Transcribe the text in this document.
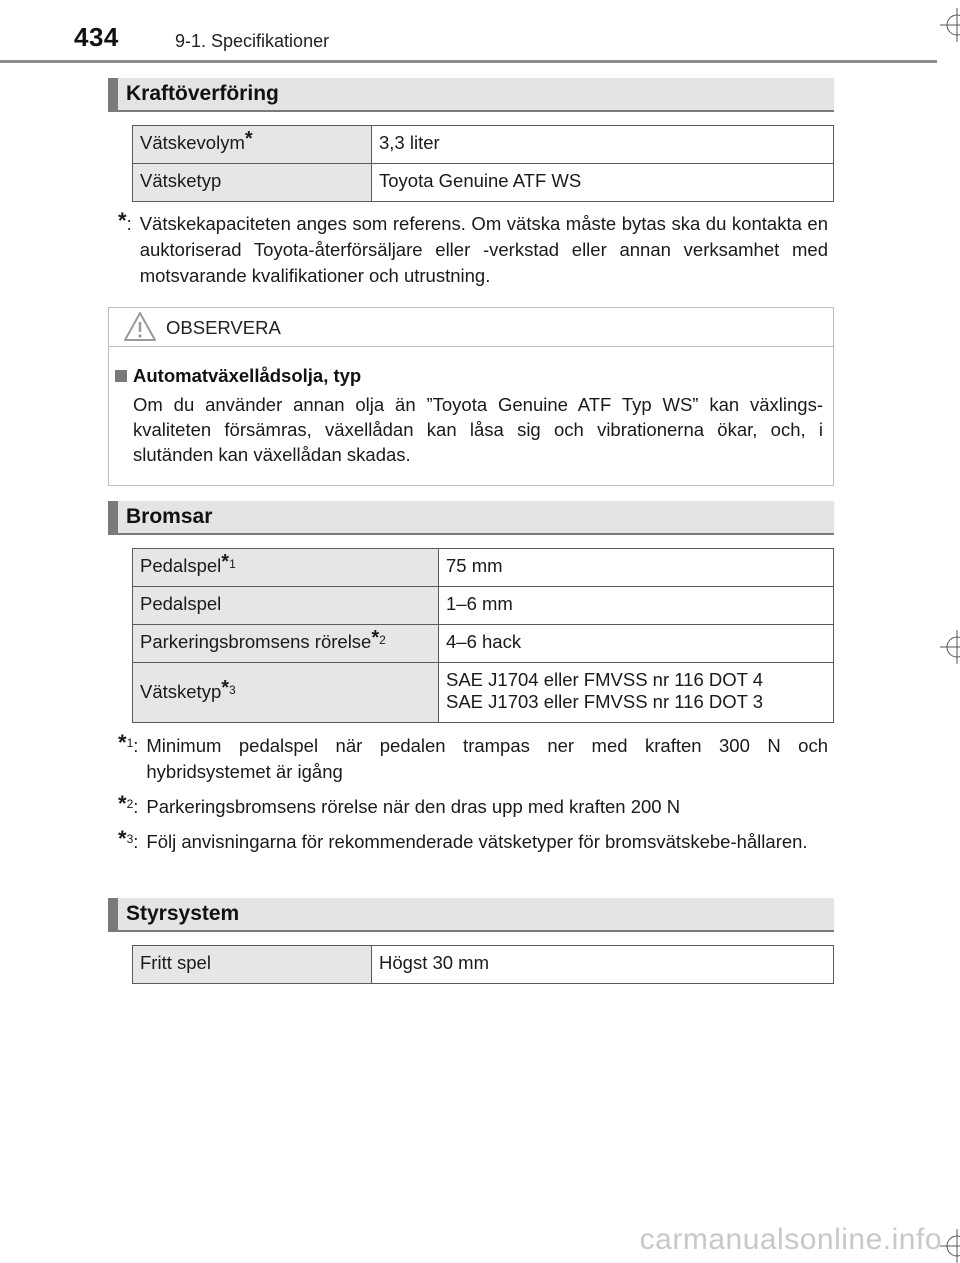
434	9-1. Specifikationer
Kraftöverföring
Vätskevolym*	3,3 liter
Vätsketyp	Toyota Genuine ATF WS
*: Vätskekapaciteten anges som referens. Om vätska måste bytas ska du kontakta en auktoriserad Toyota-återförsäljare eller -verkstad eller annan verksamhet med motsvarande kvalifikationer och utrustning.
OBSERVERA
Automatväxellådsolja, typ
Om du använder annan olja än ”Toyota Genuine ATF Typ WS” kan växlings-kvaliteten försämras, växellådan kan låsa sig och vibrationerna ökar, och, i slutänden kan växellådan skadas.
Bromsar
Pedalspel$^{*1}$	75 mm
Pedalspel	1–6 mm
Parkeringsbromsens rörelse$^{*2}$	4–6 hack
Vätsketyp$^{*3}$	SAE J1704 eller FMVSS nr 116 DOT 4
SAE J1703 eller FMVSS nr 116 DOT 3
*$^1$: Minimum pedalspel när pedalen trampas ner med kraften 300 N och hybridsystemet är igång
*$^2$: Parkeringsbromsens rörelse när den dras upp med kraften 200 N
*$^3$: Följ anvisningarna för rekommenderade vätsketyper för bromsvätskebe-hållaren.
Styrsystem
Fritt spel	Högst 30 mm
carmanualsonline.info
